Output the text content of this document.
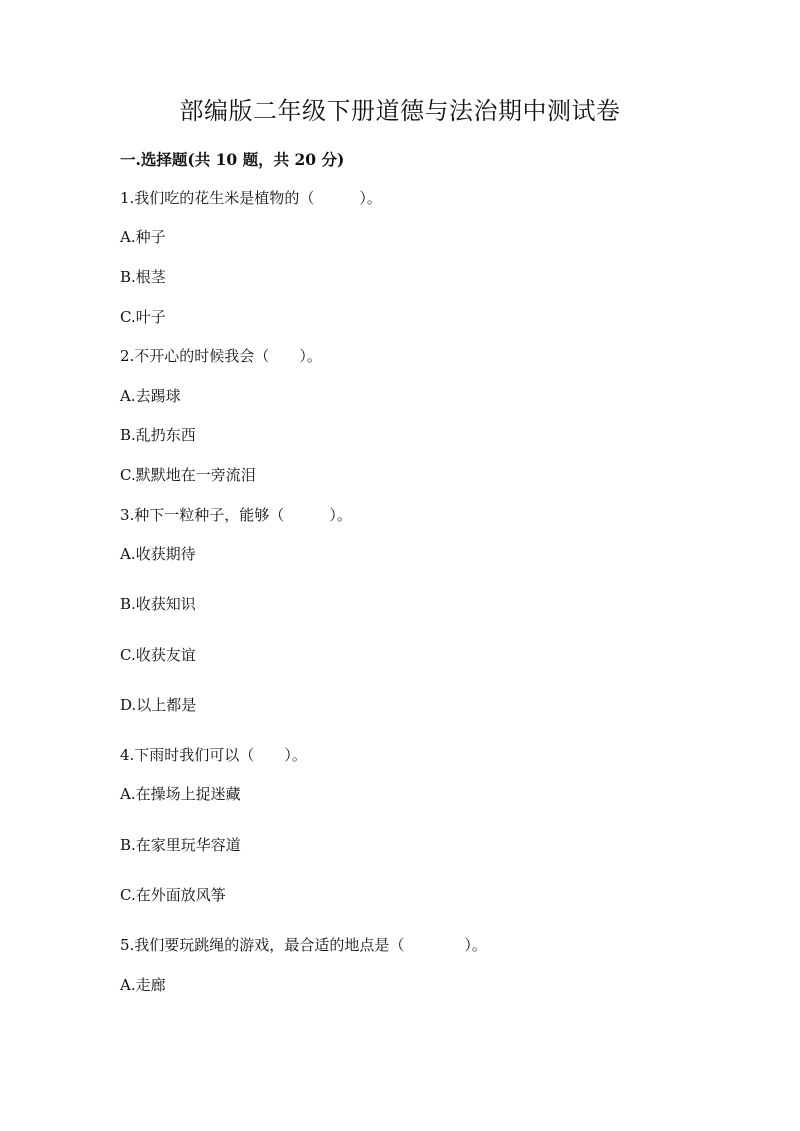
部编版二年级下册道德与法治期中测试卷
一.选择题(共 10 题，共 20 分)
1.我们吃的花生米是植物的（　　　）。
A.种子
B.根茎
C.叶子
2.不开心的时候我会（　　）。
A.去踢球
B.乱扔东西
C.默默地在一旁流泪
3.种下一粒种子，能够（　　　）。
A.收获期待
B.收获知识
C.收获友谊
D.以上都是
4.下雨时我们可以（　　）。
A.在操场上捉迷藏
B.在家里玩华容道
C.在外面放风筝
5.我们要玩跳绳的游戏，最合适的地点是（　　　　）。
A.走廊
